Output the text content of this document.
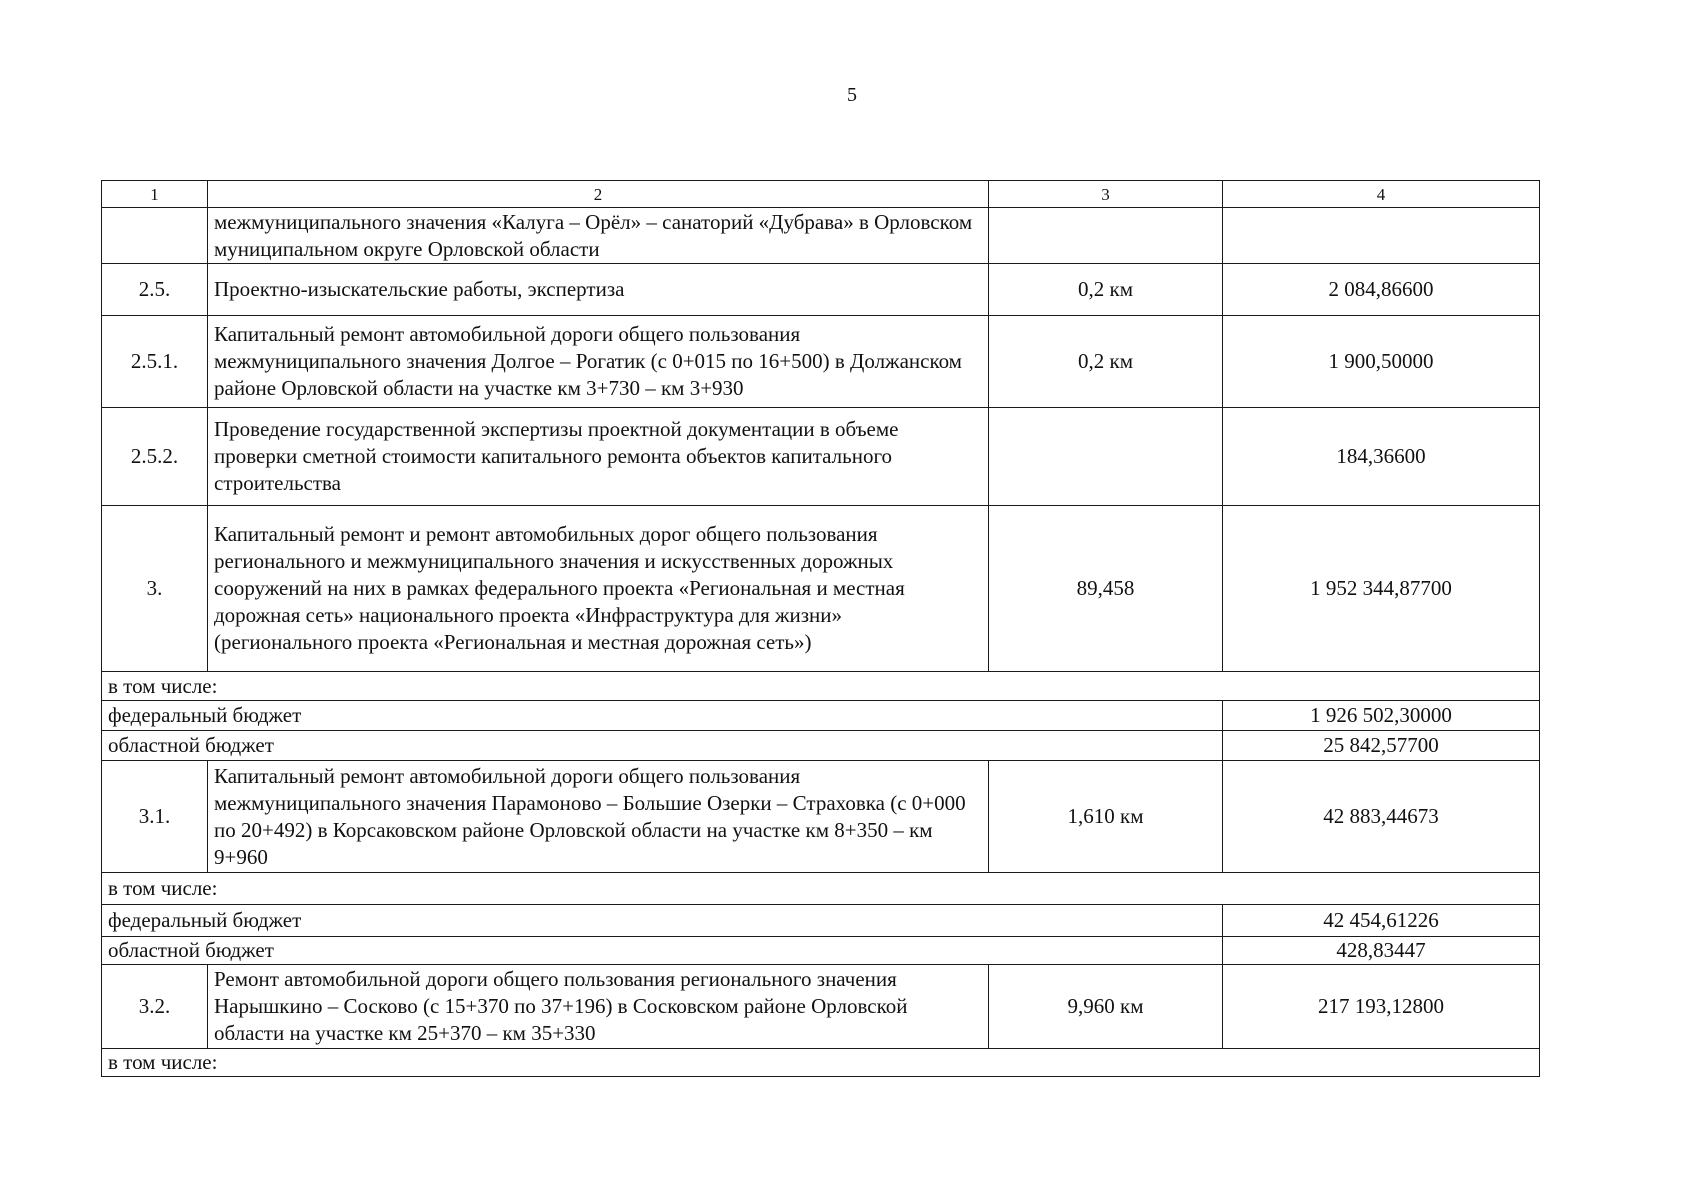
5
1	2	3	4
	межмуниципального значения «Калуга – Орёл» – санаторий «Дубрава» в Орловском муниципальном округе Орловской области		
2.5.	Проектно-изыскательские работы, экспертиза	0,2 км	2 084,86600
2.5.1.	Капитальный ремонт автомобильной дороги общего пользования межмуниципального значения Долгое – Рогатик (с 0+015 по 16+500) в Должанском районе Орловской области на участке км 3+730 – км 3+930	0,2 км	1 900,50000
2.5.2.	Проведение государственной экспертизы проектной документации в объеме проверки сметной стоимости капитального ремонта объектов капитального строительства		184,36600
3.	Капитальный ремонт и ремонт автомобильных дорог общего пользования регионального и межмуниципального значения и искусственных дорожных сооружений на них в рамках федерального проекта «Региональная и местная дорожная сеть» национального проекта «Инфраструктура для жизни» (регионального проекта «Региональная и местная дорожная сеть»)	89,458	1 952 344,87700
в том числе:			
федеральный бюджет			1 926 502,30000
областной бюджет			25 842,57700
3.1.	Капитальный ремонт автомобильной дороги общего пользования межмуниципального значения Парамоново – Большие Озерки – Страховка (с 0+000 по 20+492) в Корсаковском районе Орловской области на участке км 8+350 – км 9+960	1,610 км	42 883,44673
в том числе:			
федеральный бюджет			42 454,61226
областной бюджет			428,83447
3.2.	Ремонт автомобильной дороги общего пользования регионального значения Нарышкино – Сосково (с 15+370 по 37+196) в Сосковском районе Орловской области на участке км 25+370 – км 35+330	9,960 км	217 193,12800
в том числе:			
